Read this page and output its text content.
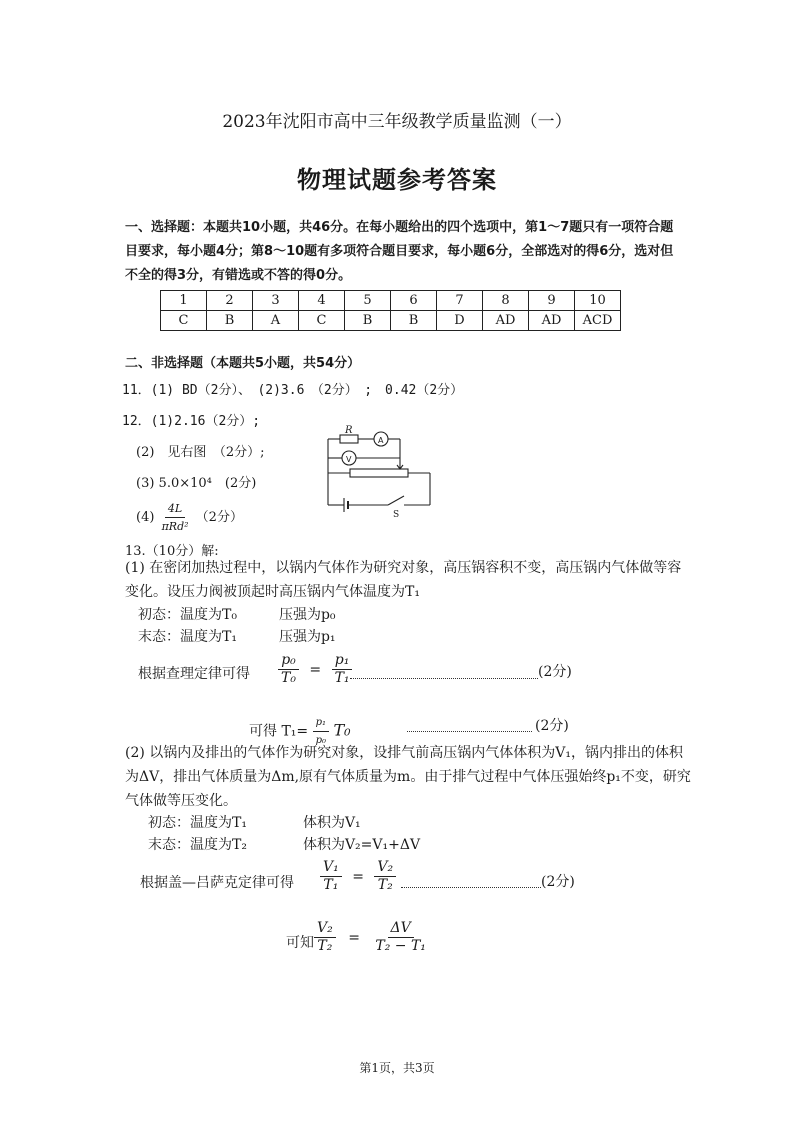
2023年沈阳市高中三年级教学质量监测（一）
物理试题参考答案
一、选择题：本题共10小题，共46分。在每小题给出的四个选项中，第1～7题只有一项符合题目要求，每小题4分；第8～10题有多项符合题目要求，每小题6分，全部选对的得6分，选对但不全的得3分，有错选或不答的得0分。
1	2	3	4	5	6	7	8	9	10
C	B	A	C	B	B	D	AD	AD	ACD
二、非选择题（本题共5小题，共54分）
11．(1) BD（2分）、　(2)3.6　（2分）　;　0.42（2分）
12．(1)2.16（2分）;
(2)　见右图　（2分）;
(3) 5.0×10⁴　(2分)
$(4) \frac{4L}{\text{πRd²}} (2$分）
R
A
V
S
13.（10分）解:
(1) 在密闭加热过程中，以锅内气体作为研究对象，高压锅容积不变，高压锅内气体做等容变化。设压力阀被顶起时高压锅内气体温度为T₁
初态：温度为T₀　　　压强为p₀
末态：温度为T₁　　　压强为p₁
根据查理定律可得 $\frac{\text{p₀}}{\text{T₀}} = \frac{\text{p₁}}{\text{T₁}}$	(2分)
可得 $T_1= \frac{\text{p₁}}{\text{p₀}} T_0$	(2分)
(2) 以锅内及排出的气体作为研究对象，设排气前高压锅内气体体积为V₁，锅内排出的体积为ΔV，排出气体质量为Δm,原有气体质量为m。由于排气过程中气体压强始终p₁不变，研究气体做等压变化。
初态：温度为T₁　　　　体积为V₁
末态：温度为T₂　　　　体积为V₂=V₁+ΔV
根据盖—吕萨克定律可得 $\frac{\text{V₁}}{\text{T₁}} = \frac{\text{V₂}}{\text{T₂}}$	(2分)
可知 $\frac{\text{V₂}}{\text{T₂}} = \frac{\Delta V}{\text{T₂ − T₁}}$
第1页，共3页
